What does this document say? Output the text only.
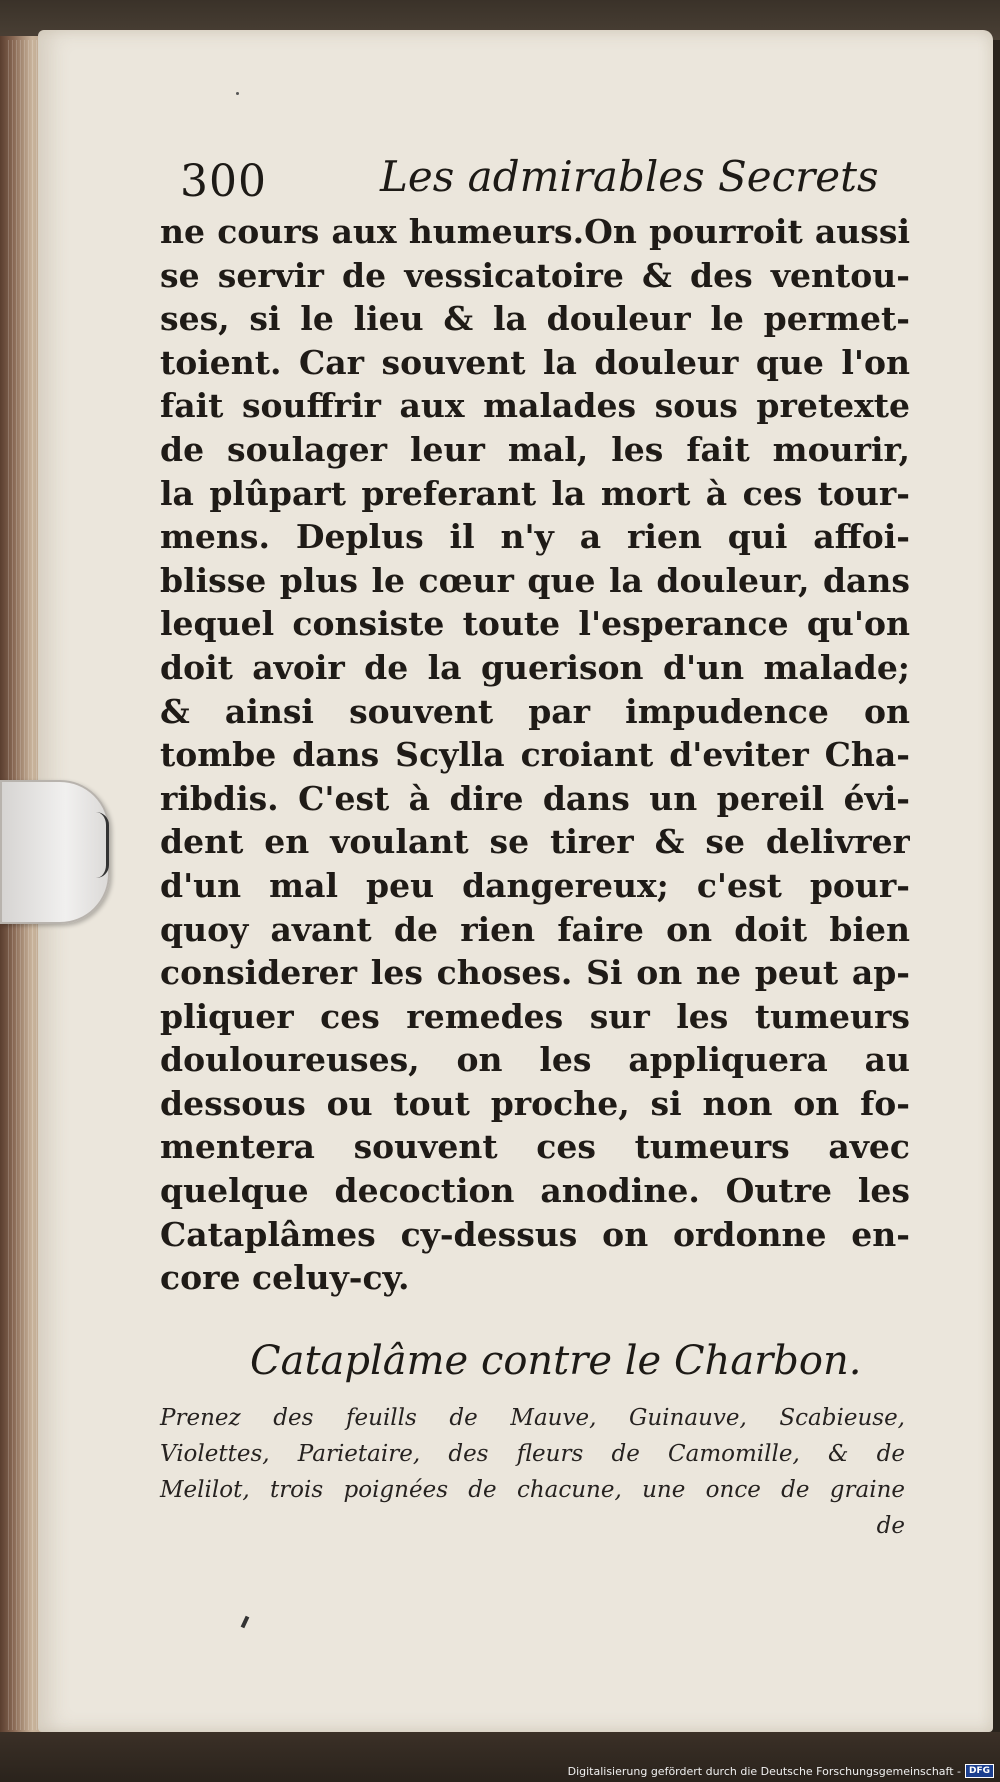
300	Les admirables Secrets
ne cours aux humeurs.On pourroit aussi
se servir de vessicatoire & des ventou-
ses, si le lieu & la douleur le permet-
toient. Car souvent la douleur que l'on
fait souffrir aux malades sous pretexte
de soulager leur mal, les fait mourir,
la plûpart preferant la mort à ces tour-
mens. Deplus il n'y a rien qui affoi-
blisse plus le cœur que la douleur, dans
lequel consiste toute l'esperance qu'on
doit avoir de la guerison d'un malade;
& ainsi souvent par impudence on
tombe dans Scylla croiant d'eviter Cha-
ribdis. C'est à dire dans un pereil évi-
dent en voulant se tirer & se delivrer
d'un mal peu dangereux; c'est pour-
quoy avant de rien faire on doit bien
considerer les choses. Si on ne peut ap-
pliquer ces remedes sur les tumeurs
douloureuses, on les appliquera au
dessous ou tout proche, si non on fo-
mentera souvent ces tumeurs avec
quelque decoction anodine. Outre les
Cataplâmes cy-dessus on ordonne en-
core celuy-cy.
Cataplâme contre le Charbon.
Prenez des feuills de Mauve, Guinauve, Scabieuse,
Violettes, Parietaire, des fleurs de Camomille, & de
Melilot, trois poignées de chacune, une once de graine
de
Digitalisierung gefördert durch die Deutsche Forschungsgemeinschaft - DFG
